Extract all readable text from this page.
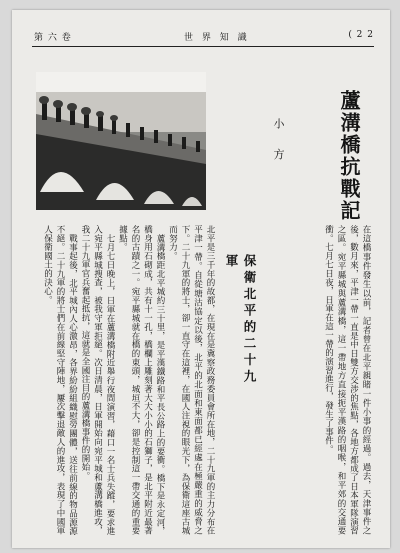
第 六 卷	世 界 知 識	( 2 2
蘆溝橋抗戰記
小 方

在這橋事件發生以前，記者曾在北平親睹一件小事的經過。過去，天津事件之後，數月來，平津一帶一直是中日雙方交涉的焦點，各地方都成了日本軍隊演習之區。宛平縣城與蘆溝橋，這一帶地方直接扼平漢路的咽喉，和平郊的交通要衝。七月七日夜，日軍在這一帶的演習進行，發生了事件。

保衛北平的二十九軍

北平是三千年的故都，在現在是冀察政務委員會所在地，二十九軍的主力分布在平津一帶。自從塘沽協定以後，北平的北面和東面都已經處在極嚴重的威脅之下。二十九軍的將士，卻一直守在這裡，在國人注視的眼光下，為保衛這座古城而努力。

蘆溝橋距北平城約三十里，是平漢鐵路和平長公路上的要衝。橋下是永定河，橋身用石砌成，共有十一孔，橋欄上雕刻著大大小小的石獅子，是北平附近最著名的古蹟之一。宛平縣城就在橋的東頭，城垣不大，卻是控制這一帶交通的重要據點。

七月七日晚上，日軍在蘆溝橋附近舉行夜間演習，藉口一名士兵失蹤，要求進入宛平縣城搜查，被我守軍拒絕。次日清晨，日軍開始向宛平城和蘆溝橋進攻，我二十九軍官兵奮起抵抗，這就是全國注目的蘆溝橋事件的開始。

戰事起後，北平城內人心激昂，各界紛紛組織慰勞團體，送往前線的物品源源不絕。二十九軍的將士們在前線堅守陣地，屢次擊退敵人的進攻，表現了中國軍人保衛國土的決心。
